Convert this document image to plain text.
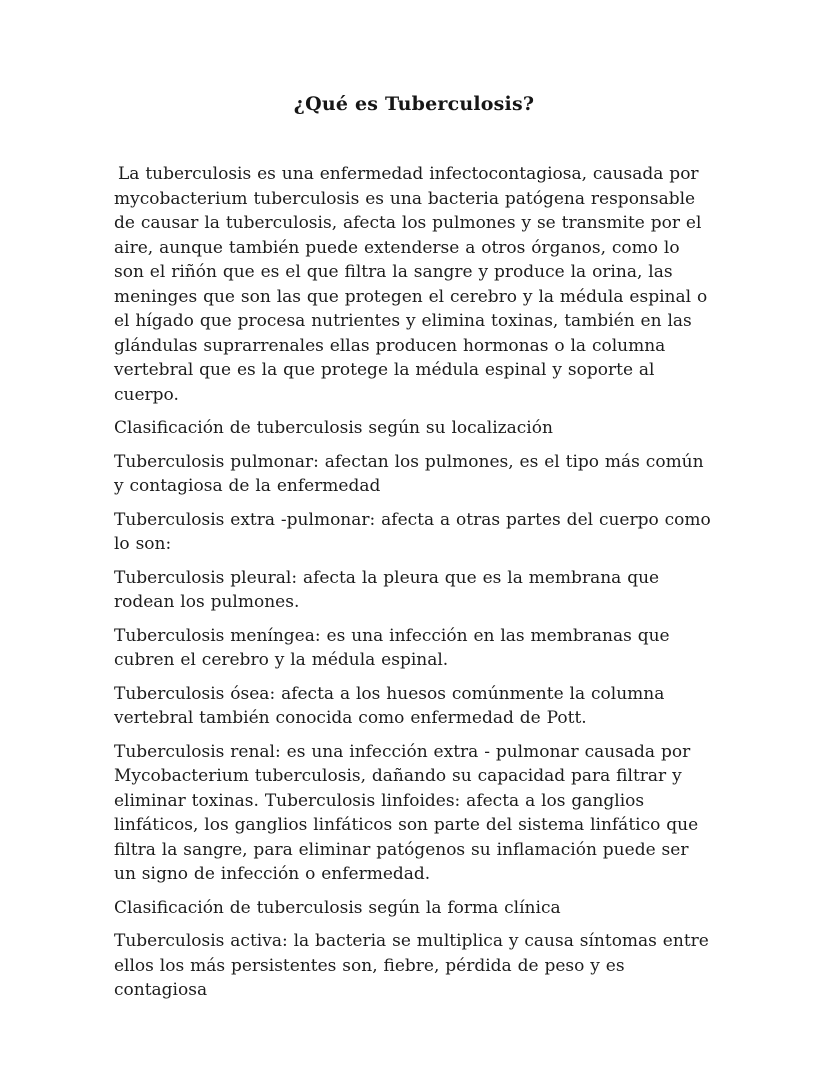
¿Qué es Tuberculosis?

La tuberculosis es una enfermedad infectocontagiosa, causada por mycobacterium tuberculosis es una bacteria patógena responsable de causar la tuberculosis, afecta los pulmones y se transmite por el aire, aunque también puede extenderse a otros órganos, como lo son el riñón que es el que filtra la sangre y produce la orina, las meninges que son las que protegen el cerebro y la médula espinal o el hígado que procesa nutrientes y elimina toxinas, también en las glándulas suprarrenales ellas producen hormonas o la columna vertebral que es la que protege la médula espinal y soporte al cuerpo.

Clasificación de tuberculosis según su localización

Tuberculosis pulmonar: afectan los pulmones, es el tipo más común y contagiosa de la enfermedad

Tuberculosis extra -pulmonar: afecta a otras partes del cuerpo como lo son:

Tuberculosis pleural: afecta la pleura que es la membrana que rodean los pulmones.

Tuberculosis meníngea: es una infección en las membranas que cubren el cerebro y la médula espinal.

Tuberculosis ósea: afecta a los huesos comúnmente la columna vertebral también conocida como enfermedad de Pott.

Tuberculosis renal: es una infección extra - pulmonar causada por Mycobacterium tuberculosis, dañando su capacidad para filtrar y eliminar toxinas. Tuberculosis linfoides: afecta a los ganglios linfáticos, los ganglios linfáticos son parte del sistema linfático que filtra la sangre, para eliminar patógenos su inflamación puede ser un signo de infección o enfermedad.

Clasificación de tuberculosis según la forma clínica

Tuberculosis activa: la bacteria se multiplica y causa síntomas entre ellos los más persistentes son, fiebre, pérdida de peso y es contagiosa
